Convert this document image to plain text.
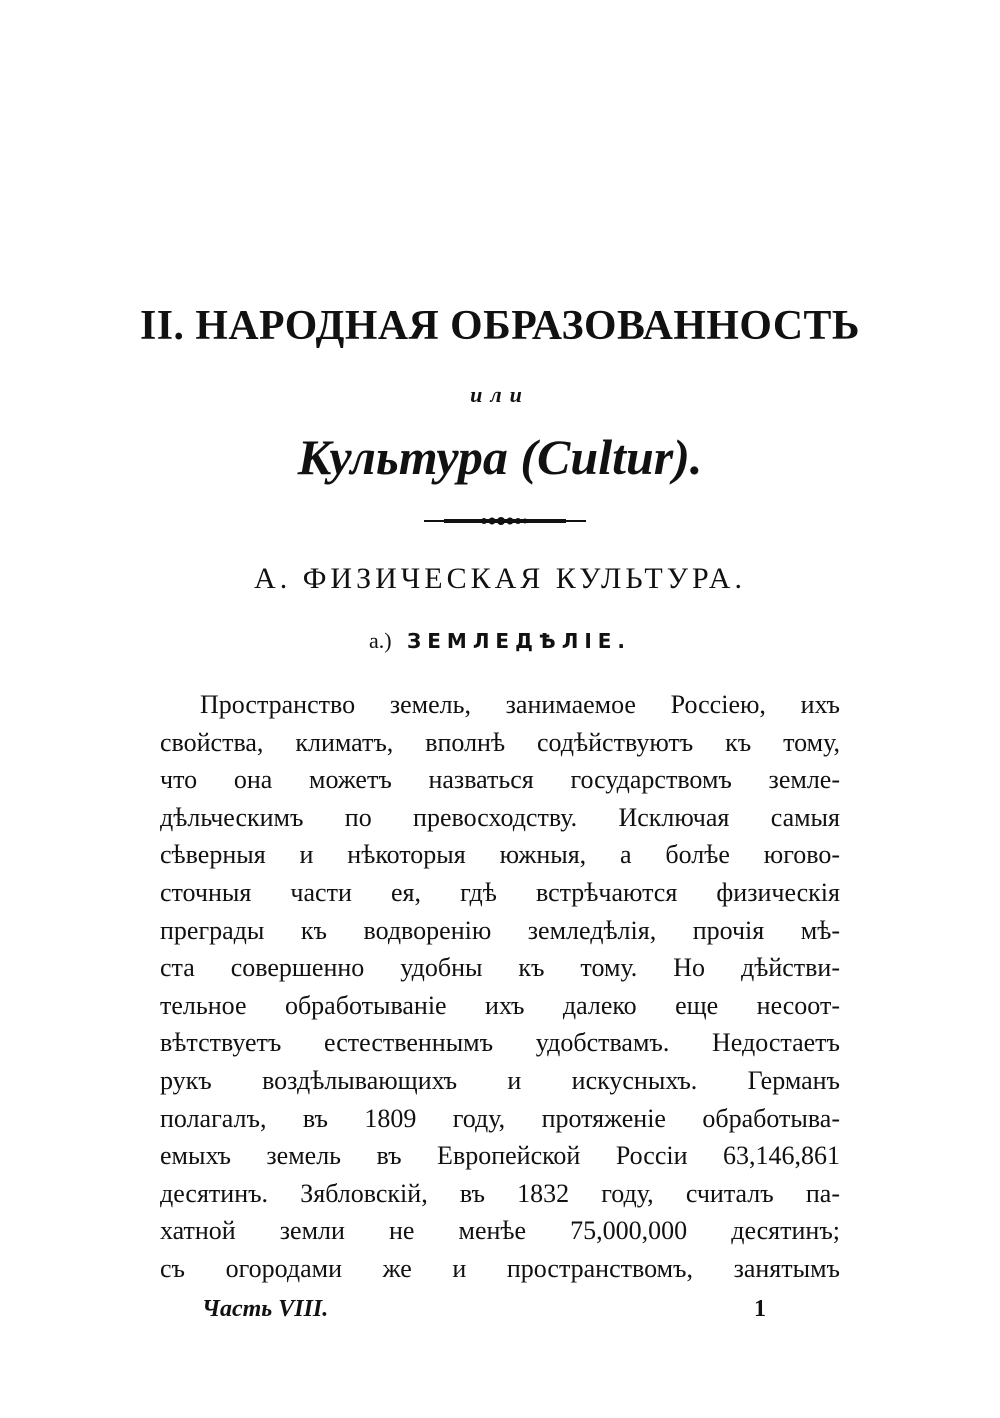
II. НАРОДНАЯ ОБРАЗОВАННОСТЬ
или
Культура (Cultur).
А. ФИЗИЧЕСКАЯ КУЛЬТУРА.
а.) ЗЕМЛЕДѢЛІЕ.
Пространство земель, занимаемое Россіею, ихъ
свойства, климатъ, вполнѣ содѣйствуютъ къ тому,
что она можетъ назваться государствомъ земле-
дѣльческимъ по превосходству. Исключая самыя
сѣверныя и нѣкоторыя южныя, а болѣе югово-
сточныя части ея, гдѣ встрѣчаются физическія
преграды къ водворенію земледѣлія, прочія мѣ-
ста совершенно удобны къ тому. Но дѣйстви-
тельное обработываніе ихъ далеко еще несоот-
вѣтствуетъ естественнымъ удобствамъ. Недостаетъ
рукъ воздѣлывающихъ и искусныхъ. Германъ
полагалъ, въ 1809 году, протяженіе обработыва-
емыхъ земель въ Европейской Россіи 63,146,861
десятинъ. Зябловскій, въ 1832 году, считалъ па-
хатной земли не менѣе 75,000,000 десятинъ;
съ огородами же и пространствомъ, занятымъ
Часть VIII.	1
